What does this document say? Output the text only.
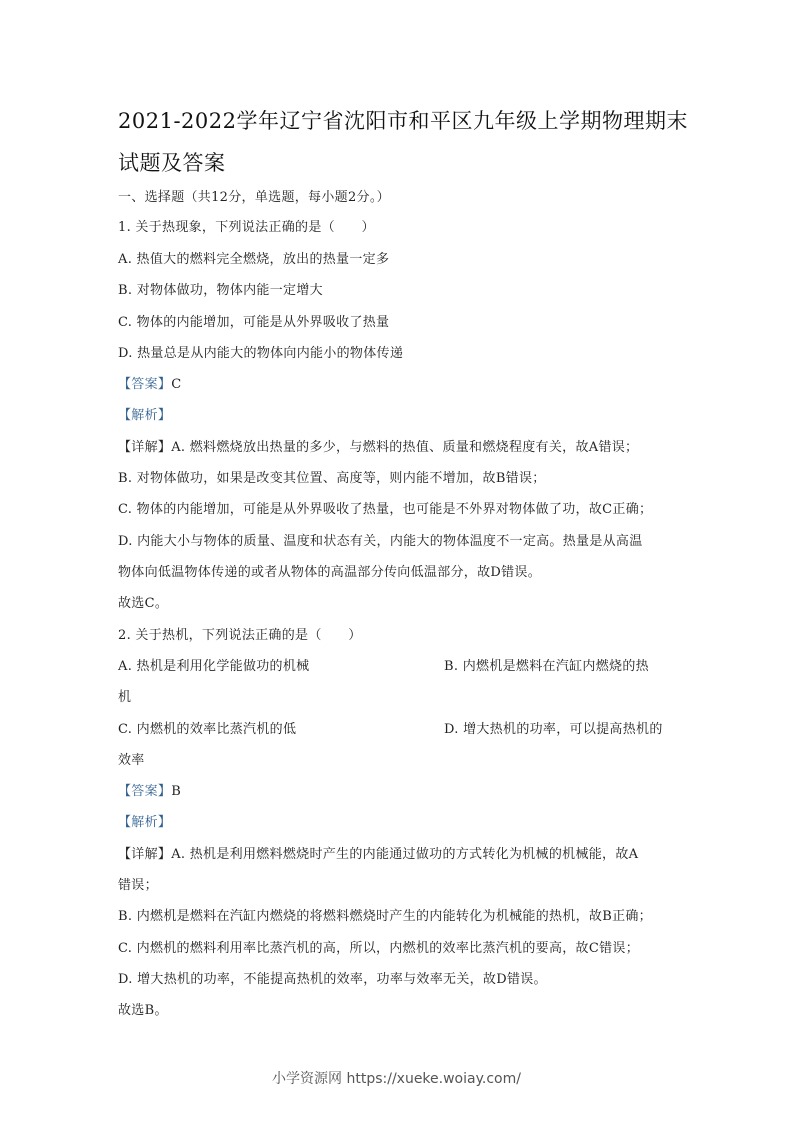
2021-2022学年辽宁省沈阳市和平区九年级上学期物理期末
试题及答案
一、选择题（共12分，单选题，每小题2分。）
1. 关于热现象，下列说法正确的是（　　）
A. 热值大的燃料完全燃烧，放出的热量一定多
B. 对物体做功，物体内能一定增大
C. 物体的内能增加，可能是从外界吸收了热量
D. 热量总是从内能大的物体向内能小的物体传递
【答案】C
【解析】
【详解】A. 燃料燃烧放出热量的多少，与燃料的热值、质量和燃烧程度有关，故A错误；
B. 对物体做功，如果是改变其位置、高度等，则内能不增加，故B错误；
C. 物体的内能增加，可能是从外界吸收了热量，也可能是不外界对物体做了功，故C正确；
D. 内能大小与物体的质量、温度和状态有关，内能大的物体温度不一定高。热量是从高温
物体向低温物体传递的或者从物体的高温部分传向低温部分，故D错误。
故选C。
2. 关于热机，下列说法正确的是（　　）
A. 热机是利用化学能做功的机械	B. 内燃机是燃料在汽缸内燃烧的热
机
C. 内燃机的效率比蒸汽机的低	D. 增大热机的功率，可以提高热机的
效率
【答案】B
【解析】
【详解】A. 热机是利用燃料燃烧时产生的内能通过做功的方式转化为机械的机械能，故A
错误；
B. 内燃机是燃料在汽缸内燃烧的将燃料燃烧时产生的内能转化为机械能的热机，故B正确；
C. 内燃机的燃料利用率比蒸汽机的高，所以，内燃机的效率比蒸汽机的要高，故C错误；
D. 增大热机的功率，不能提高热机的效率，功率与效率无关，故D错误。
故选B。
小学资源网 https://xueke.woiay.com/
